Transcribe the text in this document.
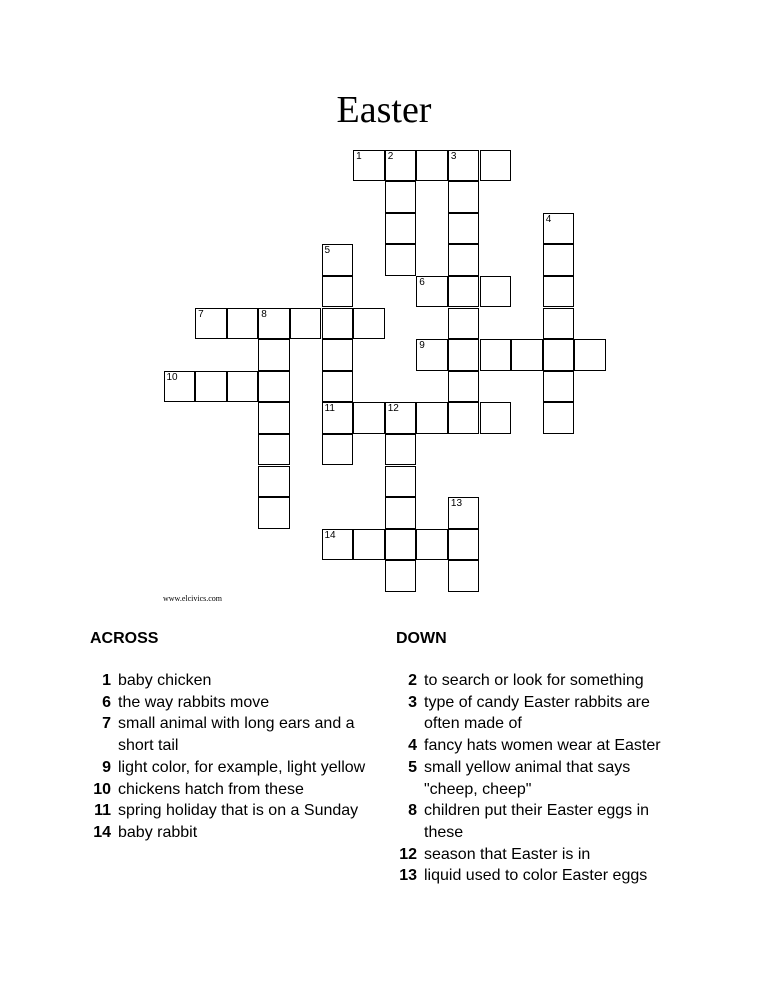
Easter
1	2	3
4
5
6
7	8
9
10
11	12
13
14
www.elcivics.com
ACROSS
1 baby chicken
6 the way rabbits move
7 small animal with long ears and a short tail
9 light color, for example, light yellow
10 chickens hatch from these
11 spring holiday that is on a Sunday
14 baby rabbit
DOWN
2 to search or look for something
3 type of candy Easter rabbits are often made of
4 fancy hats women wear at Easter
5 small yellow animal that says "cheep, cheep"
8 children put their Easter eggs in these
12 season that Easter is in
13 liquid used to color Easter eggs
